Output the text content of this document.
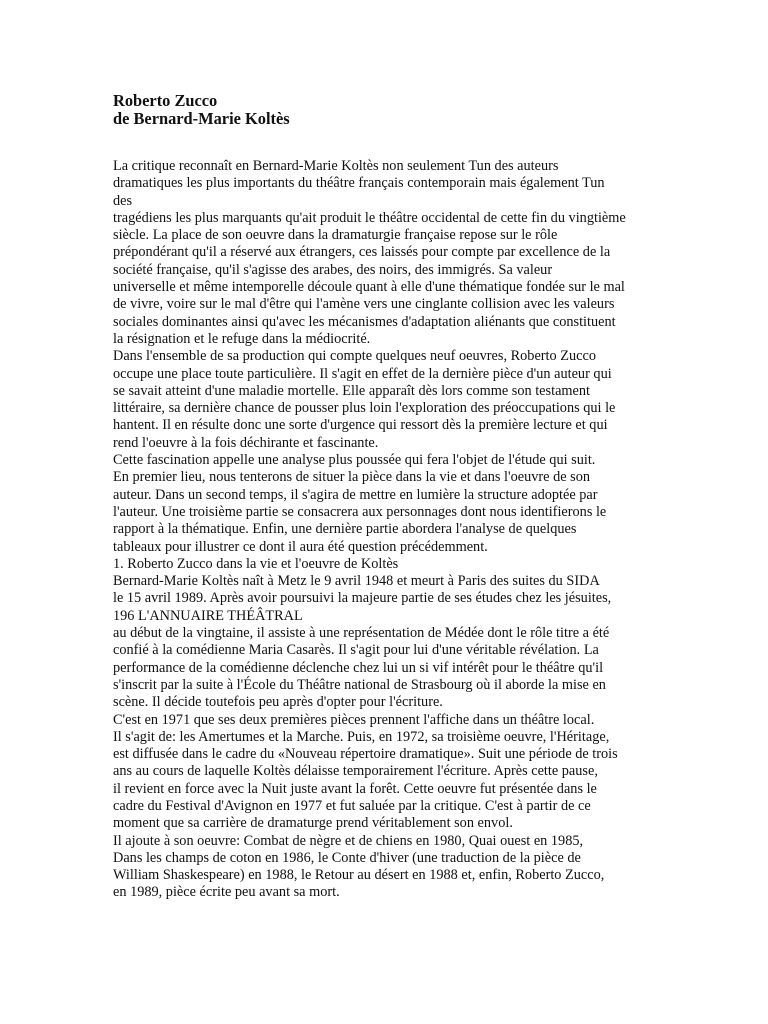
Roberto Zucco
de Bernard-Marie Koltès
La critique reconnaît en Bernard-Marie Koltès non seulement Tun des auteurs
dramatiques les plus importants du théâtre français contemporain mais également Tun
des
tragédiens les plus marquants qu'ait produit le théâtre occidental de cette fin du vingtième
siècle. La place de son oeuvre dans la dramaturgie française repose sur le rôle
prépondérant qu'il a réservé aux étrangers, ces laissés pour compte par excellence de la
société française, qu'il s'agisse des arabes, des noirs, des immigrés. Sa valeur
universelle et même intemporelle découle quant à elle d'une thématique fondée sur le mal
de vivre, voire sur le mal d'être qui l'amène vers une cinglante collision avec les valeurs
sociales dominantes ainsi qu'avec les mécanismes d'adaptation aliénants que constituent
la résignation et le refuge dans la médiocrité.
Dans l'ensemble de sa production qui compte quelques neuf oeuvres, Roberto Zucco
occupe une place toute particulière. Il s'agit en effet de la dernière pièce d'un auteur qui
se savait atteint d'une maladie mortelle. Elle apparaît dès lors comme son testament
littéraire, sa dernière chance de pousser plus loin l'exploration des préoccupations qui le
hantent. Il en résulte donc une sorte d'urgence qui ressort dès la première lecture et qui
rend l'oeuvre à la fois déchirante et fascinante.
Cette fascination appelle une analyse plus poussée qui fera l'objet de l'étude qui suit.
En premier lieu, nous tenterons de situer la pièce dans la vie et dans l'oeuvre de son
auteur. Dans un second temps, il s'agira de mettre en lumière la structure adoptée par
l'auteur. Une troisième partie se consacrera aux personnages dont nous identifierons le
rapport à la thématique. Enfin, une dernière partie abordera l'analyse de quelques
tableaux pour illustrer ce dont il aura été question précédemment.
1. Roberto Zucco dans la vie et l'oeuvre de Koltès
Bernard-Marie Koltès naît à Metz le 9 avril 1948 et meurt à Paris des suites du SIDA
le 15 avril 1989. Après avoir poursuivi la majeure partie de ses études chez les jésuites,
196 L'ANNUAIRE THÉÂTRAL
au début de la vingtaine, il assiste à une représentation de Médée dont le rôle titre a été
confié à la comédienne Maria Casarès. Il s'agit pour lui d'une véritable révélation. La
performance de la comédienne déclenche chez lui un si vif intérêt pour le théâtre qu'il
s'inscrit par la suite à l'École du Théâtre national de Strasbourg où il aborde la mise en
scène. Il décide toutefois peu après d'opter pour l'écriture.
C'est en 1971 que ses deux premières pièces prennent l'affiche dans un théâtre local.
Il s'agit de: les Amertumes et la Marche. Puis, en 1972, sa troisième oeuvre, l'Héritage,
est diffusée dans le cadre du «Nouveau répertoire dramatique». Suit une période de trois
ans au cours de laquelle Koltès délaisse temporairement l'écriture. Après cette pause,
il revient en force avec la Nuit juste avant la forêt. Cette oeuvre fut présentée dans le
cadre du Festival d'Avignon en 1977 et fut saluée par la critique. C'est à partir de ce
moment que sa carrière de dramaturge prend véritablement son envol.
Il ajoute à son oeuvre: Combat de nègre et de chiens en 1980, Quai ouest en 1985,
Dans les champs de coton en 1986, le Conte d'hiver (une traduction de la pièce de
William Shaskespeare) en 1988, le Retour au désert en 1988 et, enfin, Roberto Zucco,
en 1989, pièce écrite peu avant sa mort.
